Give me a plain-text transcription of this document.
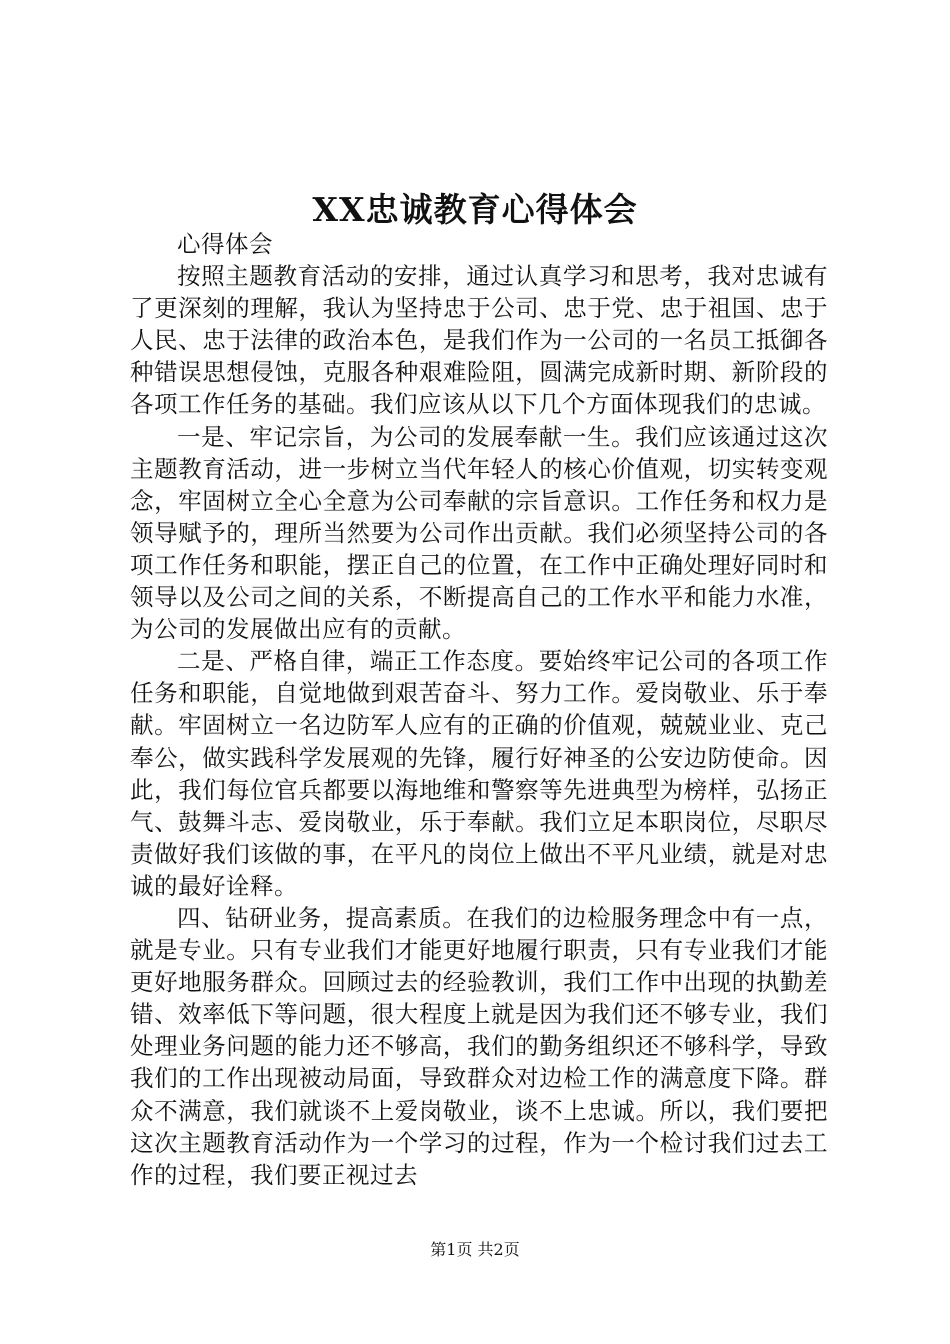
XX忠诚教育心得体会

心得体会

按照主题教育活动的安排，通过认真学习和思考，我对忠诚有了更深刻的理解，我认为坚持忠于公司、忠于党、忠于祖国、忠于人民、忠于法律的政治本色，是我们作为一公司的一名员工抵御各种错误思想侵蚀，克服各种艰难险阻，圆满完成新时期、新阶段的各项工作任务的基础。我们应该从以下几个方面体现我们的忠诚。

一是、牢记宗旨，为公司的发展奉献一生。我们应该通过这次主题教育活动，进一步树立当代年轻人的核心价值观，切实转变观念，牢固树立全心全意为公司奉献的宗旨意识。工作任务和权力是领导赋予的，理所当然要为公司作出贡献。我们必须坚持公司的各项工作任务和职能，摆正自己的位置，在工作中正确处理好同时和领导以及公司之间的关系，不断提高自己的工作水平和能力水准，为公司的发展做出应有的贡献。

二是、严格自律，端正工作态度。要始终牢记公司的各项工作任务和职能，自觉地做到艰苦奋斗、努力工作。爱岗敬业、乐于奉献。牢固树立一名边防军人应有的正确的价值观，兢兢业业、克己奉公，做实践科学发展观的先锋，履行好神圣的公安边防使命。因此，我们每位官兵都要以海地维和警察等先进典型为榜样，弘扬正气、鼓舞斗志、爱岗敬业，乐于奉献。我们立足本职岗位，尽职尽责做好我们该做的事，在平凡的岗位上做出不平凡业绩，就是对忠诚的最好诠释。

四、钻研业务，提高素质。在我们的边检服务理念中有一点，就是专业。只有专业我们才能更好地履行职责，只有专业我们才能更好地服务群众。回顾过去的经验教训，我们工作中出现的执勤差错、效率低下等问题，很大程度上就是因为我们还不够专业，我们处理业务问题的能力还不够高，我们的勤务组织还不够科学，导致我们的工作出现被动局面，导致群众对边检工作的满意度下降。群众不满意，我们就谈不上爱岗敬业，谈不上忠诚。所以，我们要把这次主题教育活动作为一个学习的过程，作为一个检讨我们过去工作的过程，我们要正视过去

第1页 共2页
